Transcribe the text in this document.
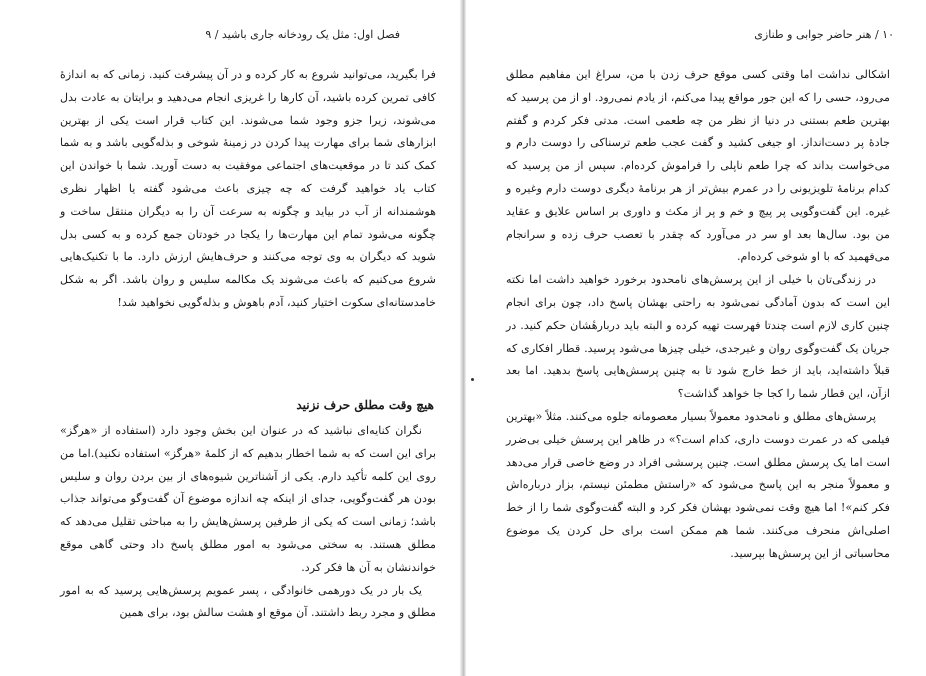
فصل اول: مثل یک رودخانه جاری باشید / ۹

فرا بگیرید، می‌توانید شروع به کار کرده و در آن پیشرفت کنید. زمانی که به اندازهٔ کافی تمرین کرده باشید، آن کارها را غریزی انجام می‌دهید و برایتان به عادت بدل می‌شوند، زیرا جزو وجود شما می‌شوند. این کتاب قرار است یکی از بهترین ابزارهای شما برای مهارت پیدا کردن در زمینهٔ شوخی و بذله‌گویی باشد و به شما کمک کند تا در موقعیت‌های اجتماعی موفقیت به دست آورید. شما با خواندن این کتاب یاد خواهید گرفت که چه چیزی باعث می‌شود گفته یا اظهار نظری هوشمندانه از آب در بیاید و چگونه به سرعت آن را به دیگران منتقل ساخت و چگونه می‌شود تمام این مهارت‌ها را یکجا در خودتان جمع کرده و به کسی بدل شوید که دیگران به وی توجه می‌کنند و حرف‌هایش ارزش دارد. ما با تکنیک‌هایی شروع می‌کنیم که باعث می‌شوند یک مکالمه سلیس و روان باشد. اگر به شکل خامدستانه‌ای سکوت اختیار کنید، آدم باهوش و بذله‌گویی نخواهید شد!

هیچ وقت مطلق حرف نزنید

نگران کنایه‌ای نباشید که در عنوان این بخش وجود دارد (استفاده از «هرگز» برای این است که به شما اخطار بدهیم که از کلمهٔ «هرگز» استفاده نکنید).اما من روی این کلمه تأکید دارم. یکی از آشناترین شیوه‌های از بین بردن روان و سلیس بودن هر گفت‌وگویی، جدای از اینکه چه اندازه موضوع آن گفت‌وگو می‌تواند جذاب باشد؛ زمانی است که یکی از طرفین پرسش‌هایش را به مباحثی تقلیل می‌دهد که مطلق هستند. به سختی می‌شود به امور مطلق پاسخ داد وحتی گاهی موقع خواندنشان به آن ها فکر کرد.

یک بار در یک دورهمی خانوادگی ، پسر عمویم پرسش‌هایی پرسید که به امور مطلق و مجرد ربط داشتند. آن موقع او هشت سالش بود، برای همین

۱۰ / هنر حاضر جوابی و طنازی

اشکالی نداشت اما وقتی کسی موقع حرف زدن با من، سراغ این مفاهیم مطلق می‌رود، حسی را که این جور مواقع پیدا می‌کنم، از یادم نمی‌رود. او از من پرسید که بهترین طعم بستنی در دنیا از نظر من چه طعمی است. مدتی فکر کردم و گفتم جادهٔ پر دست‌انداز. او جیغی کشید و گفت عجب طعم ترسناکی را دوست دارم و می‌خواست بداند که چرا طعم ناپلی را فراموش کرده‌ام. سپس از من پرسید که کدام برنامهٔ تلویزیونی را در عمرم بیش‌تر از هر برنامهٔ دیگری دوست دارم وغیره و غیره. این گفت‌وگویی پر پیچ و خم و پر از مکث و داوری بر اساس علایق و عقاید من بود. سال‌ها بعد او سر در می‌آورد که چقدر با تعصب حرف زده و سرانجام می‌فهمید که با او شوخی کرده‌ام.

در زندگی‌تان با خیلی از این پرسش‌های نامحدود برخورد خواهید داشت اما نکته این است که بدون آمادگی نمی‌شود به راحتی بهشان پاسخ داد، چون برای انجام چنین کاری لازم است چندتا فهرست تهیه کرده و البته باید دربارهٔشان حکم کنید. در جریان یک گفت‌وگوی روان و غیرجدی، خیلی چیزها می‌شود پرسید. قطار افکاری که قبلاً داشته‌اید، باید از خط خارج شود تا به چنین پرسش‌هایی پاسخ بدهید. اما بعد ازآن، این قطار شما را کجا جا خواهد گذاشت؟

پرسش‌های مطلق و نامحدود معمولاً بسیار معصومانه جلوه می‌کنند. مثلاً «بهترین فیلمی که در عمرت دوست داری، کدام است؟» در ظاهر این پرسش خیلی بی‌ضرر است اما یک پرسش مطلق است. چنین پرسشی افراد در وضع خاصی قرار می‌دهد و معمولاً منجر به این پاسخ می‌شود که «راستش مطمئن نیستم، بزار درباره‌اش فکر کنم»! اما هیچ وقت نمی‌شود بهشان فکر کرد و البته گفت‌وگوی شما را از خط اصلی‌اش منحرف می‌کنند. شما هم ممکن است برای حل کردن یک موضوع محاسباتی از این پرسش‌ها بپرسید.
